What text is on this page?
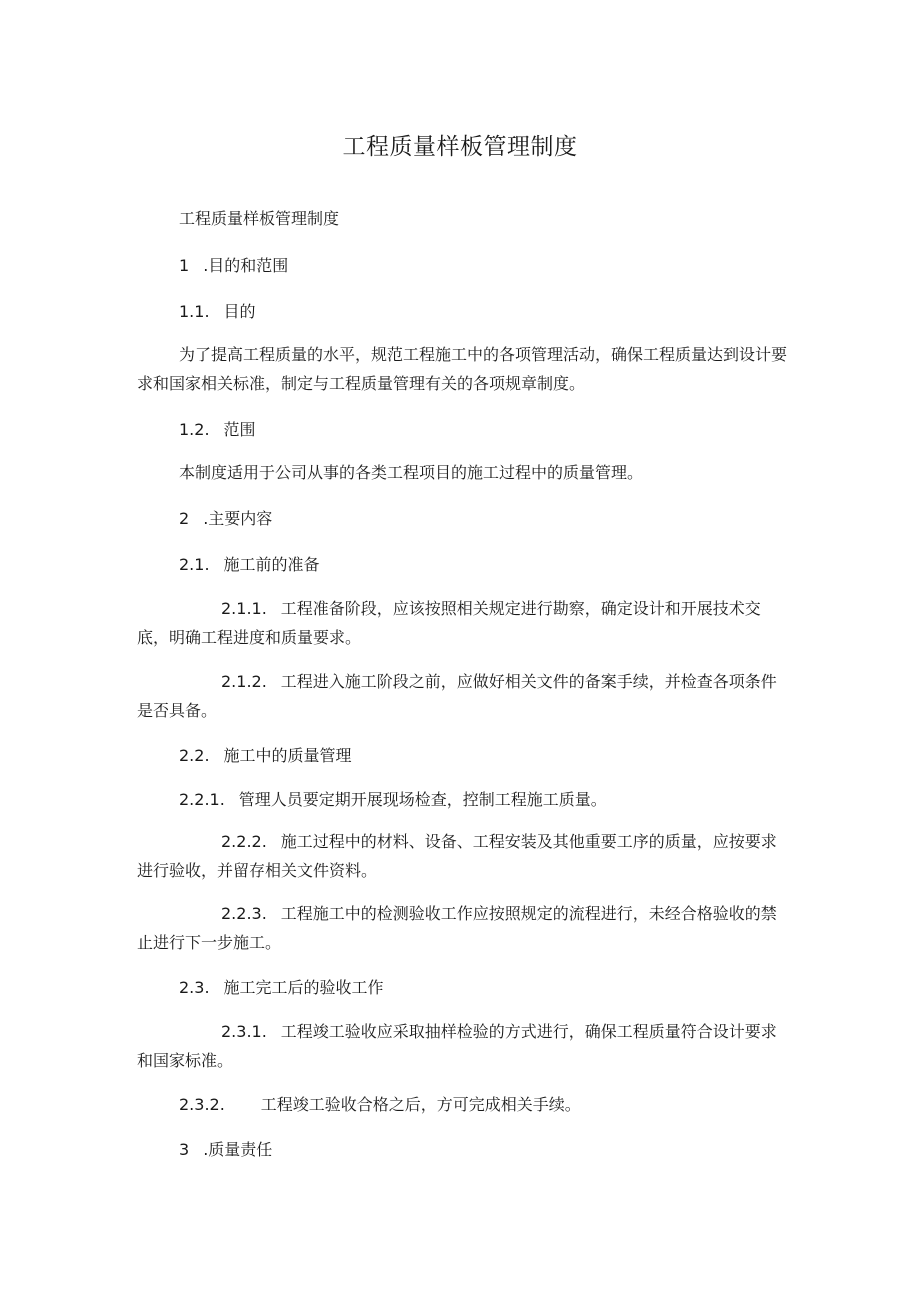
工程质量样板管理制度

工程质量样板管理制度

1 .目的和范围

1.1. 目的

为了提高工程质量的水平，规范工程施工中的各项管理活动，确保工程质量达到设计要求和国家相关标准，制定与工程质量管理有关的各项规章制度。

1.2. 范围

本制度适用于公司从事的各类工程项目的施工过程中的质量管理。

2 .主要内容

2.1. 施工前的准备

2.1.1. 工程准备阶段，应该按照相关规定进行勘察，确定设计和开展技术交底，明确工程进度和质量要求。

2.1.2. 工程进入施工阶段之前，应做好相关文件的备案手续，并检查各项条件是否具备。

2.2. 施工中的质量管理

2.2.1. 管理人员要定期开展现场检查，控制工程施工质量。

2.2.2. 施工过程中的材料、设备、工程安装及其他重要工序的质量，应按要求进行验收，并留存相关文件资料。

2.2.3. 工程施工中的检测验收工作应按照规定的流程进行，未经合格验收的禁止进行下一步施工。

2.3. 施工完工后的验收工作

2.3.1. 工程竣工验收应采取抽样检验的方式进行，确保工程质量符合设计要求和国家标准。

2.3.2. 工程竣工验收合格之后，方可完成相关手续。

3 .质量责任
